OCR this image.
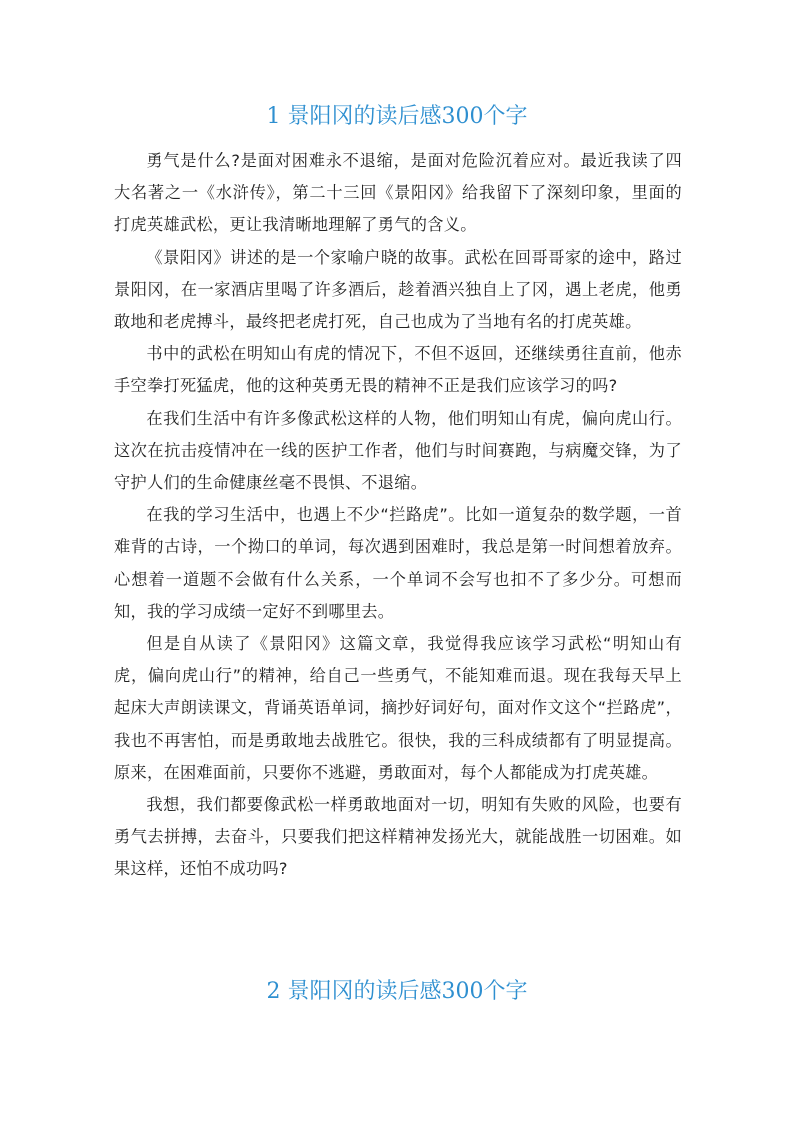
1 景阳冈的读后感300个字

勇气是什么?是面对困难永不退缩，是面对危险沉着应对。最近我读了四大名著之一《水浒传》，第二十三回《景阳冈》给我留下了深刻印象，里面的打虎英雄武松，更让我清晰地理解了勇气的含义。

《景阳冈》讲述的是一个家喻户晓的故事。武松在回哥哥家的途中，路过景阳冈，在一家酒店里喝了许多酒后，趁着酒兴独自上了冈，遇上老虎，他勇敢地和老虎搏斗，最终把老虎打死，自己也成为了当地有名的打虎英雄。

书中的武松在明知山有虎的情况下，不但不返回，还继续勇往直前，他赤手空拳打死猛虎，他的这种英勇无畏的精神不正是我们应该学习的吗?

在我们生活中有许多像武松这样的人物，他们明知山有虎，偏向虎山行。这次在抗击疫情冲在一线的医护工作者，他们与时间赛跑，与病魔交锋，为了守护人们的生命健康丝毫不畏惧、不退缩。

在我的学习生活中，也遇上不少“拦路虎”。比如一道复杂的数学题，一首难背的古诗，一个拗口的单词，每次遇到困难时，我总是第一时间想着放弃。心想着一道题不会做有什么关系，一个单词不会写也扣不了多少分。可想而知，我的学习成绩一定好不到哪里去。

但是自从读了《景阳冈》这篇文章，我觉得我应该学习武松“明知山有虎，偏向虎山行”的精神，给自己一些勇气，不能知难而退。现在我每天早上起床大声朗读课文，背诵英语单词，摘抄好词好句，面对作文这个“拦路虎”，我也不再害怕，而是勇敢地去战胜它。很快，我的三科成绩都有了明显提高。原来，在困难面前，只要你不逃避，勇敢面对，每个人都能成为打虎英雄。

我想，我们都要像武松一样勇敢地面对一切，明知有失败的风险，也要有勇气去拼搏，去奋斗，只要我们把这样精神发扬光大，就能战胜一切困难。如果这样，还怕不成功吗?

2 景阳冈的读后感300个字
